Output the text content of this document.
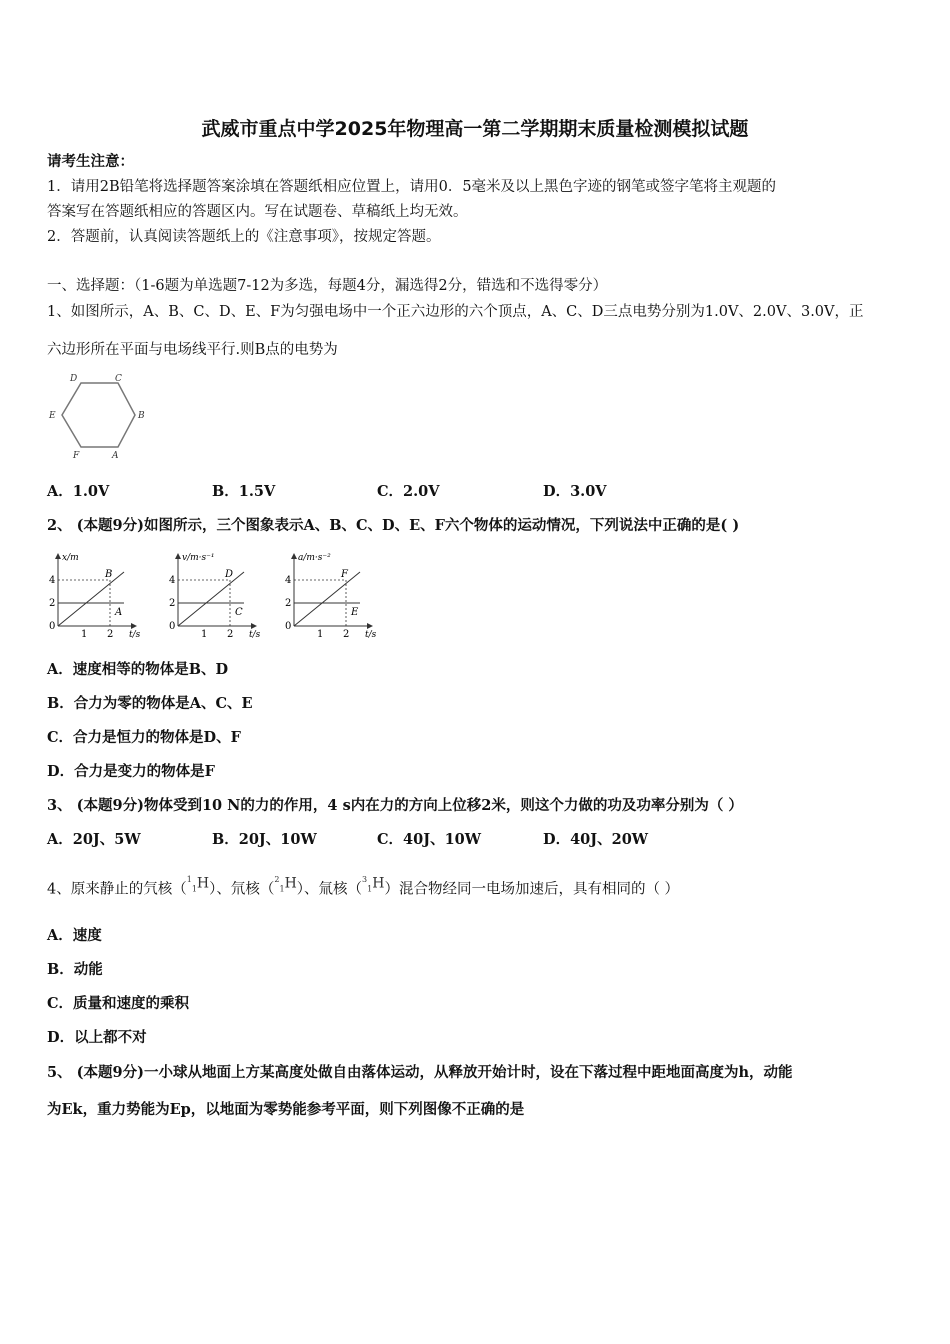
武威市重点中学2025年物理高一第二学期期末质量检测模拟试题
请考生注意：
1．请用2B铅笔将选择题答案涂填在答题纸相应位置上，请用0．5毫米及以上黑色字迹的钢笔或签字笔将主观题的
答案写在答题纸相应的答题区内。写在试题卷、草稿纸上均无效。
2．答题前，认真阅读答题纸上的《注意事项》，按规定答题。
一、选择题：（1-6题为单选题7-12为多选，每题4分，漏选得2分，错选和不选得零分）
1、如图所示，A、B、C、D、E、F为匀强电场中一个正六边形的六个顶点，A、C、D三点电势分别为1.0V、2.0V、3.0V，正
六边形所在平面与电场线平行.则B点的电势为
D	C
E	B
F	A
A．1.0V	B．1.5V	C．2.0V	D．3.0V
2、 (本题9分)如图所示，三个图象表示A、B、C、D、E、F六个物体的运动情况，下列说法中正确的是( )
x/m
t/s
0
2
4
1 2
B
A
v/m·s⁻¹
t/s
0
2
4
1 2
D
C
a/m·s⁻²
t/s
0
2
4
1 2
F
E
A．速度相等的物体是B、D
B．合力为零的物体是A、C、E
C．合力是恒力的物体是D、F
D．合力是变力的物体是F
3、 (本题9分)物体受到10 N的力的作用，4 s内在力的方向上位移2米，则这个力做的功及功率分别为（ ）
A．20J、5W	B．20J、10W	C．40J、10W	D．40J、20W
4、原来静止的氕核（$^1_1$H）、氘核（$^2_1$H）、氚核（$^3_1$H）混合物经同一电场加速后，具有相同的（ ）
A．速度
B．动能
C．质量和速度的乘积
D．以上都不对
5、 (本题9分)一小球从地面上方某高度处做自由落体运动，从释放开始计时，设在下落过程中距地面高度为h，动能
为Ek，重力势能为Ep，以地面为零势能参考平面，则下列图像不正确的是
